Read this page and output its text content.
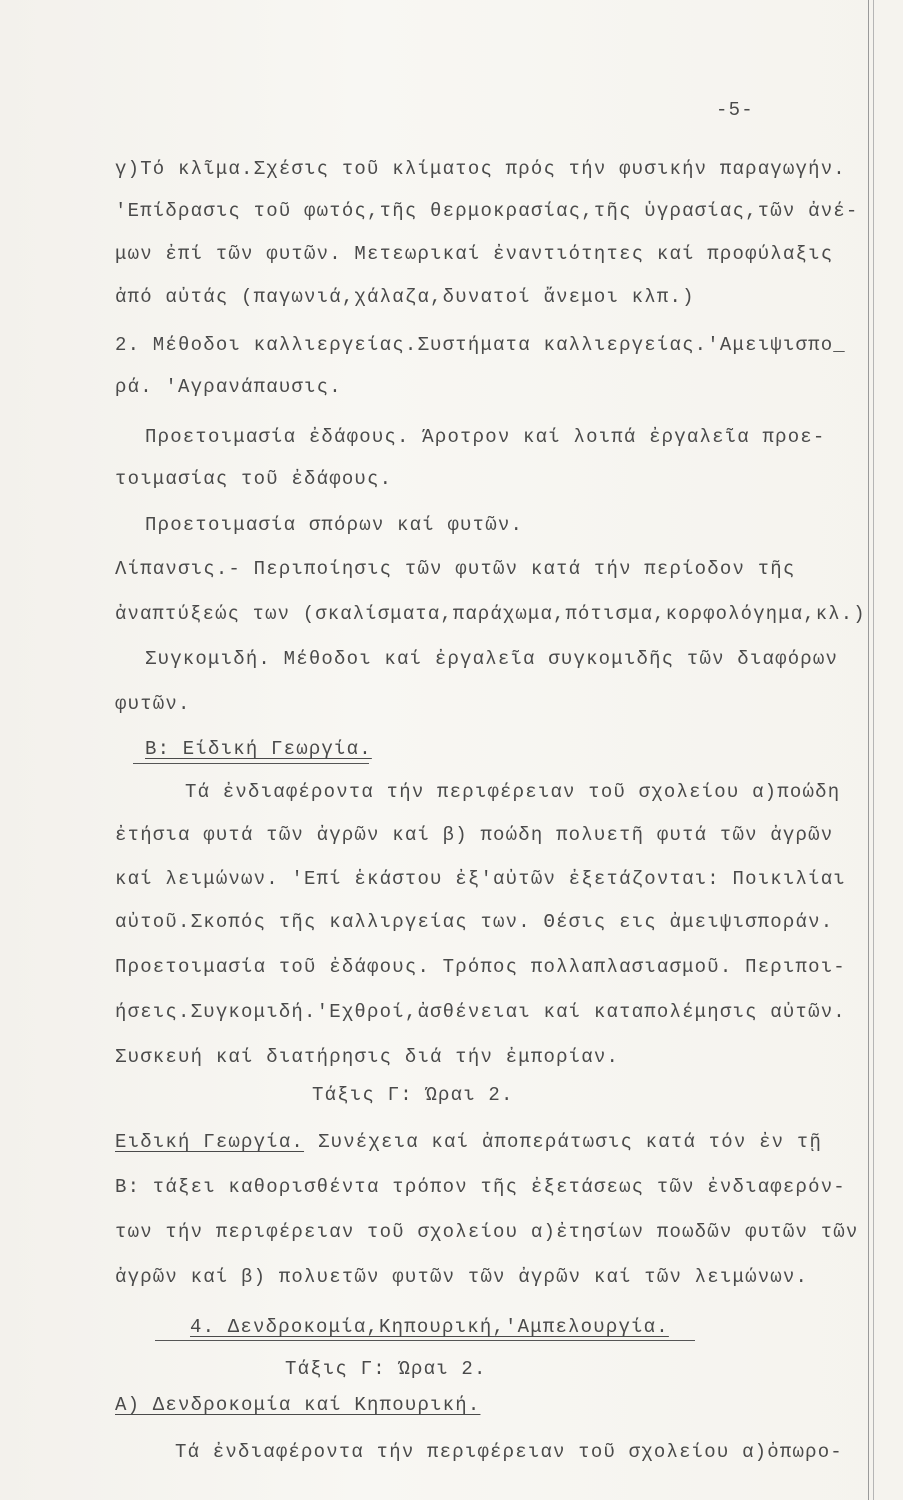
-5-
γ)Τό κλῖμα.Σχέσις τοῦ κλίματος πρός τήν φυσικήν παραγωγήν.
'Επίδρασις τοῦ φωτός,τῆς θερμοκρασίας,τῆς ὑγρασίας,τῶν ἀνέ-
μων ἐπί τῶν φυτῶν. Μετεωρικαί ἐναντιότητες καί προφύλαξις
ἀπό αὐτάς (παγωνιά,χάλαζα,δυνατοί ἄνεμοι κλπ.)
2. Μέθοδοι καλλιεργείας.Συστήματα καλλιεργείας.'Αμειψισπο_
ρά. 'Αγρανάπαυσις.
Προετοιμασία ἐδάφους. Άροτρον καί λοιπά ἐργαλεῖα προε-
τοιμασίας τοῦ ἐδάφους.
Προετοιμασία σπόρων καί φυτῶν.
Λίπανσις.- Περιποίησις τῶν φυτῶν κατά τήν περίοδον τῆς
ἀναπτύξεώς των (σκαλίσματα,παράχωμα,πότισμα,κορφολόγημα,κλ.)
Συγκομιδή. Μέθοδοι καί ἐργαλεῖα συγκομιδῆς τῶν διαφόρων
φυτῶν.
Β: Είδική Γεωργία.
Τά ἐνδιαφέροντα τήν περιφέρειαν τοῦ σχολείου α)ποώδη
ἐτήσια φυτά τῶν ἀγρῶν καί β) ποώδη πολυετῆ φυτά τῶν ἀγρῶν
καί λειμώνων. 'Επί ἑκάστου ἐξ'αὐτῶν ἐξετάζονται: Ποικιλίαι
αὐτοῦ.Σκοπός τῆς καλλιργείας των. Θέσις εις ἀμειψισποράν.
Προετοιμασία τοῦ ἐδάφους. Τρόπος πολλαπλασιασμοῦ. Περιποι-
ήσεις.Συγκομιδή.'Εχθροί,ἀσθένειαι καί καταπολέμησις αὐτῶν.
Συσκευή καί διατήρησις διά τήν ἐμπορίαν.
Τάξις Γ: Ώραι 2.
Ειδική Γεωργία. Συνέχεια καί ἀποπεράτωσις κατά τόν ἐν τῇ
Β: τάξει καθορισθέντα τρόπον τῆς ἐξετάσεως τῶν ἐνδιαφερόν-
των τήν περιφέρειαν τοῦ σχολείου α)ἐτησίων ποωδῶν φυτῶν τῶν
ἀγρῶν καί β) πολυετῶν φυτῶν τῶν ἀγρῶν καί τῶν λειμώνων.
4. Δενδροκομία,Κηπουρική,'Αμπελουργία.
Τάξις Γ: Ώραι 2.
Α) Δενδροκομία καί Κηπουρική.
Τά ἐνδιαφέροντα τήν περιφέρειαν τοῦ σχολείου α)ὀπωρο-
